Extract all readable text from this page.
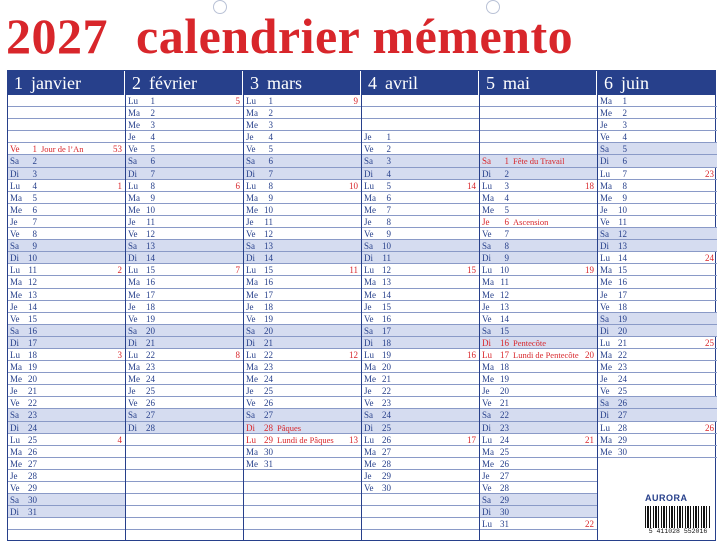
2027 calendrier mémento
1 janvier
Ve 1 Jour de l’An	53
Sa 2
Di 3
Lu 4	1
Ma 5
Me 6
Je 7
Ve 8
Sa 9
Di 10
Lu 11	2
Ma 12
Me 13
Je 14
Ve 15
Sa 16
Di 17
Lu 18	3
Ma 19
Me 20
Je 21
Ve 22
Sa 23
Di 24
Lu 25	4
Ma 26
Me 27
Je 28
Ve 29
Sa 30
Di 31
2 février
Lu 1	5
Ma 2
Me 3
Je 4
Ve 5
Sa 6
Di 7
Lu 8	6
Ma 9
Me 10
Je 11
Ve 12
Sa 13
Di 14
Lu 15	7
Ma 16
Me 17
Je 18
Ve 19
Sa 20
Di 21
Lu 22	8
Ma 23
Me 24
Je 25
Ve 26
Sa 27
Di 28
3 mars
Lu 1	9
Ma 2
Me 3
Je 4
Ve 5
Sa 6
Di 7
Lu 8	10
Ma 9
Me 10
Je 11
Ve 12
Sa 13
Di 14
Lu 15	11
Ma 16
Me 17
Je 18
Ve 19
Sa 20
Di 21
Lu 22	12
Ma 23
Me 24
Je 25
Ve 26
Sa 27
Di 28 Pâques
Lu 29 Lundi de Pâques 13
Ma 30
Me 31
4 avril
Je 1
Ve 2
Sa 3
Di 4
Lu 5	14
Ma 6
Me 7
Je 8
Ve 9
Sa 10
Di 11
Lu 12	15
Ma 13
Me 14
Je 15
Ve 16
Sa 17
Di 18
Lu 19	16
Ma 20
Me 21
Je 22
Ve 23
Sa 24
Di 25
Lu 26	17
Ma 27
Me 28
Je 29
Ve 30
5 mai
Sa 1 Fête du Travail
Di 2
Lu 3	18
Ma 4
Me 5
Je 6 Ascension
Ve 7
Sa 8
Di 9
Lu 10	19
Ma 11
Me 12
Je 13
Ve 14
Sa 15
Di 16 Pentecôte
Lu 17 Lundi de Pentecôte 20
Ma 18
Me 19
Je 20
Ve 21
Sa 22
Di 23
Lu 24	21
Ma 25
Me 26
Je 27
Ve 28
Sa 29
Di 30
Lu 31	22
6 juin
Ma 1
Me 2
Je 3
Ve 4
Sa 5
Di 6
Lu 7	23
Ma 8
Me 9
Je 10
Ve 11
Sa 12
Di 13
Lu 14	24
Ma 15
Me 16
Je 17
Ve 18
Sa 19
Di 20
Lu 21	25
Ma 22
Me 23
Je 24
Ve 25
Sa 26
Di 27
Lu 28	26
Ma 29
Me 30
AURORA
5 411028 552016
